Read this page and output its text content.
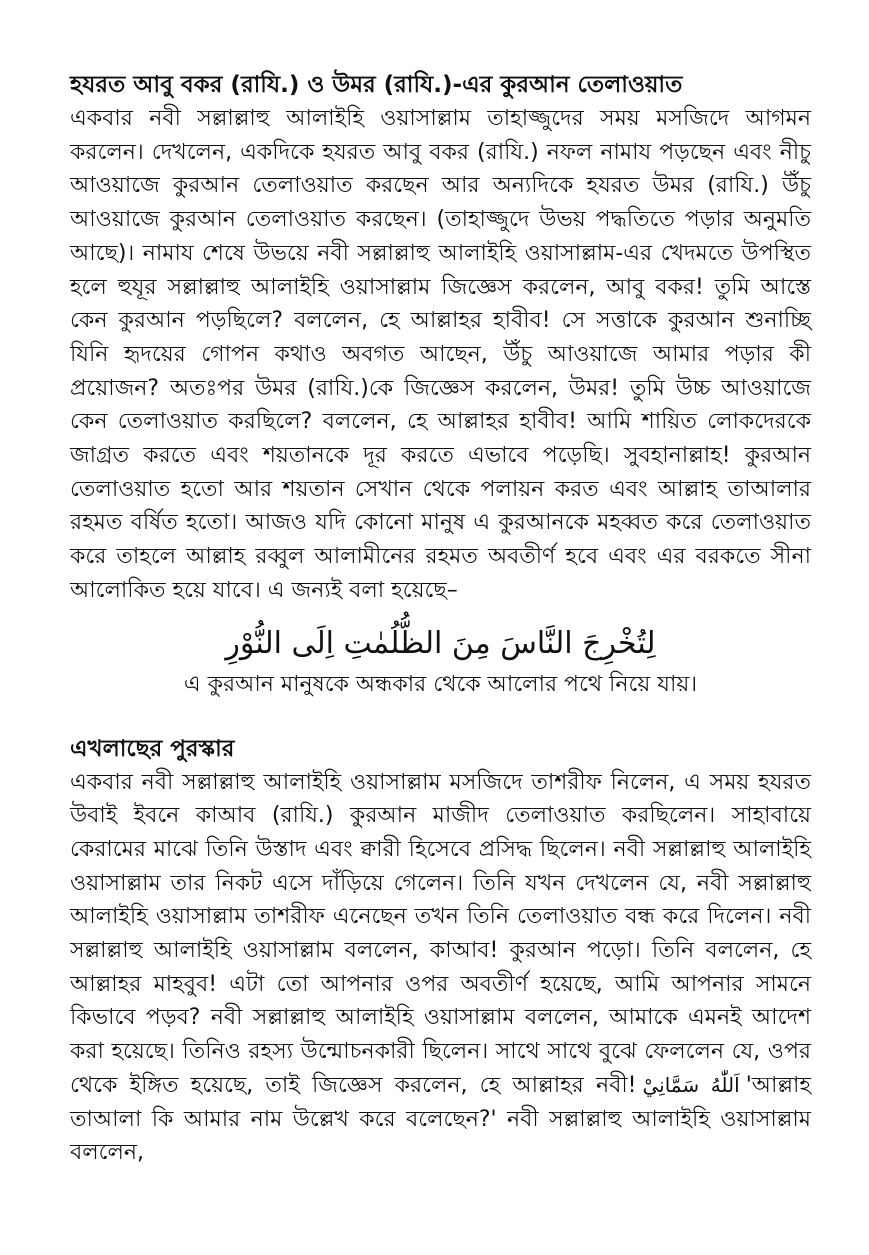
হযরত আবু বকর (রাযি.) ও উমর (রাযি.)-এর কুরআন তেলাওয়াত

একবার নবী সল্লাল্লাহু আলাইহি ওয়াসাল্লাম তাহাজ্জুদের সময় মসজিদে আগমন করলেন। দেখলেন, একদিকে হযরত আবু বকর (রাযি.) নফল নামায পড়ছেন এবং নীচু আওয়াজে কুরআন তেলাওয়াত করছেন আর অন্যদিকে হযরত উমর (রাযি.) উঁচু আওয়াজে কুরআন তেলাওয়াত করছেন। (তাহাজ্জুদে উভয় পদ্ধতিতে পড়ার অনুমতি আছে)। নামায শেষে উভয়ে নবী সল্লাল্লাহু আলাইহি ওয়াসাল্লাম-এর খেদমতে উপস্থিত হলে হুযূর সল্লাল্লাহু আলাইহি ওয়াসাল্লাম জিজ্ঞেস করলেন, আবু বকর! তুমি আস্তে কেন কুরআন পড়ছিলে? বললেন, হে আল্লাহর হাবীব! সে সত্তাকে কুরআন শুনাচ্ছি যিনি হৃদয়ের গোপন কথাও অবগত আছেন, উঁচু আওয়াজে আমার পড়ার কী প্রয়োজন? অতঃপর উমর (রাযি.)কে জিজ্ঞেস করলেন, উমর! তুমি উচ্চ আওয়াজে কেন তেলাওয়াত করছিলে? বললেন, হে আল্লাহর হাবীব! আমি শায়িত লোকদেরকে জাগ্রত করতে এবং শয়তানকে দূর করতে এভাবে পড়েছি। সুবহানাল্লাহ! কুরআন তেলাওয়াত হতো আর শয়তান সেখান থেকে পলায়ন করত এবং আল্লাহ তাআলার রহমত বর্ষিত হতো। আজও যদি কোনো মানুষ এ কুরআনকে মহব্বত করে তেলাওয়াত করে তাহলে আল্লাহ রব্বুল আলামীনের রহমত অবতীর্ণ হবে এবং এর বরকতে সীনা আলোকিত হয়ে যাবে। এ জন্যই বলা হয়েছে–

لِتُخْرِجَ النَّاسَ مِنَ الظُّلُمٰتِ اِلَى النُّوْرِ
এ কুরআন মানুষকে অন্ধকার থেকে আলোর পথে নিয়ে যায়।
এখলাছের পুরস্কার

একবার নবী সল্লাল্লাহু আলাইহি ওয়াসাল্লাম মসজিদে তাশরীফ নিলেন, এ সময় হযরত উবাই ইবনে কাআব (রাযি.) কুরআন মাজীদ তেলাওয়াত করছিলেন। সাহাবায়ে কেরামের মাঝে তিনি উস্তাদ এবং ক্বারী হিসেবে প্রসিদ্ধ ছিলেন। নবী সল্লাল্লাহু আলাইহি ওয়াসাল্লাম তার নিকট এসে দাঁড়িয়ে গেলেন। তিনি যখন দেখলেন যে, নবী সল্লাল্লাহু আলাইহি ওয়াসাল্লাম তাশরীফ এনেছেন তখন তিনি তেলাওয়াত বন্ধ করে দিলেন। নবী সল্লাল্লাহু আলাইহি ওয়াসাল্লাম বললেন, কাআব! কুরআন পড়ো। তিনি বললেন, হে আল্লাহর মাহবুব! এটা তো আপনার ওপর অবতীর্ণ হয়েছে, আমি আপনার সামনে কিভাবে পড়ব? নবী সল্লাল্লাহু আলাইহি ওয়াসাল্লাম বললেন, আমাকে এমনই আদেশ করা হয়েছে। তিনিও রহস্য উন্মোচনকারী ছিলেন। সাথে সাথে বুঝে ফেললেন যে, ওপর থেকে ইঙ্গিত হয়েছে, তাই জিজ্ঞেস করলেন, হে আল্লাহর নবী! اَللّٰهُ سَمَّانِيْ 'আল্লাহ তাআলা কি আমার নাম উল্লেখ করে বলেছেন?' নবী সল্লাল্লাহু আলাইহি ওয়াসাল্লাম বললেন,
